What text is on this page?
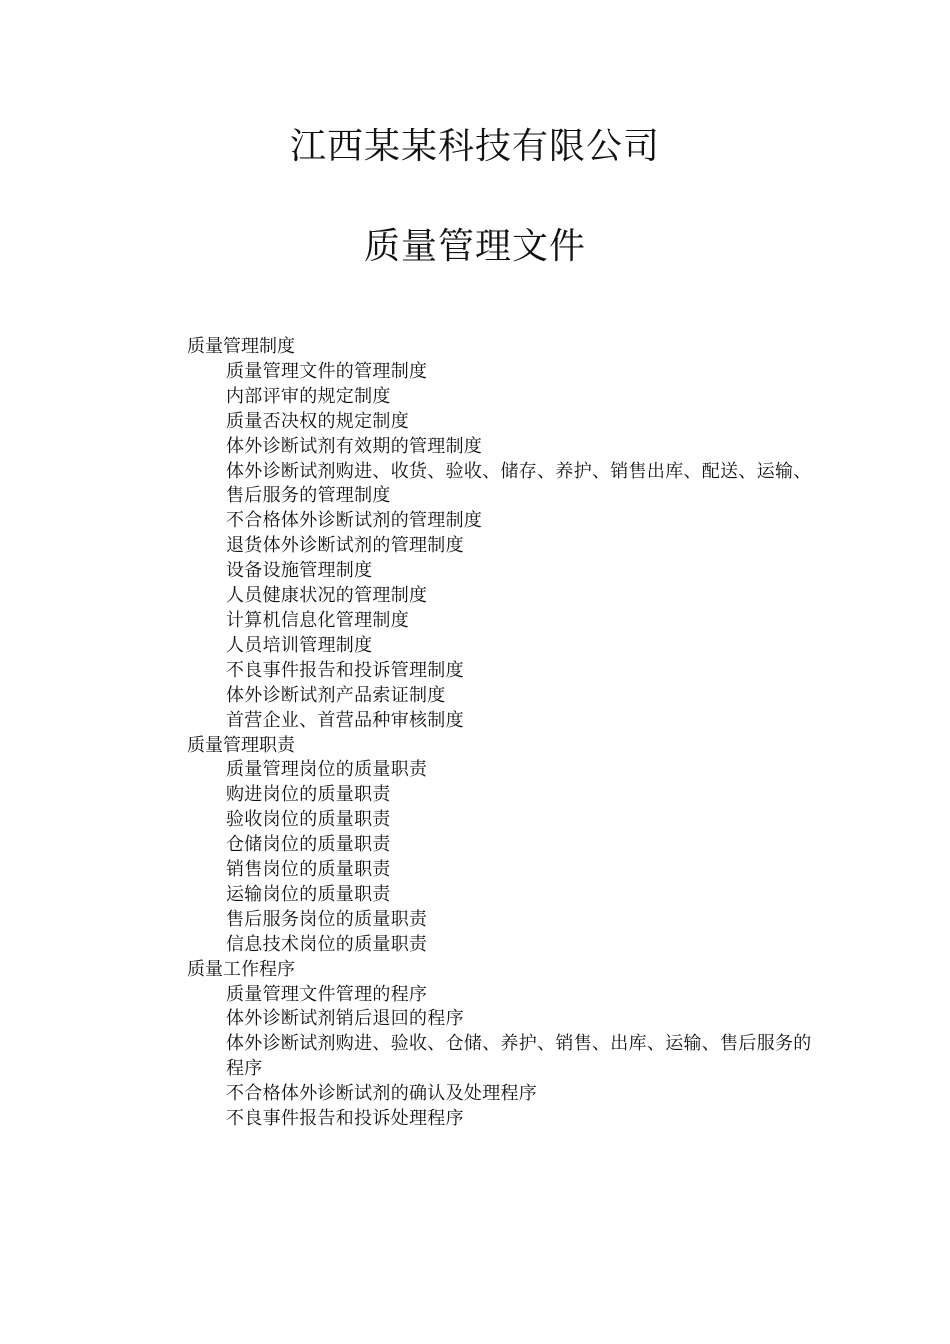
江西某某科技有限公司
质量管理文件

质量管理制度

质量管理文件的管理制度

内部评审的规定制度

质量否决权的规定制度

体外诊断试剂有效期的管理制度

体外诊断试剂购进、收货、验收、储存、养护、销售出库、配送、运输、售后服务的管理制度

不合格体外诊断试剂的管理制度

退货体外诊断试剂的管理制度

设备设施管理制度

人员健康状况的管理制度

计算机信息化管理制度

人员培训管理制度

不良事件报告和投诉管理制度

体外诊断试剂产品索证制度

首营企业、首营品种审核制度

质量管理职责

质量管理岗位的质量职责

购进岗位的质量职责

验收岗位的质量职责

仓储岗位的质量职责

销售岗位的质量职责

运输岗位的质量职责

售后服务岗位的质量职责

信息技术岗位的质量职责

质量工作程序

质量管理文件管理的程序

体外诊断试剂销后退回的程序

体外诊断试剂购进、验收、仓储、养护、销售、出库、运输、售后服务的程序

不合格体外诊断试剂的确认及处理程序

不良事件报告和投诉处理程序
